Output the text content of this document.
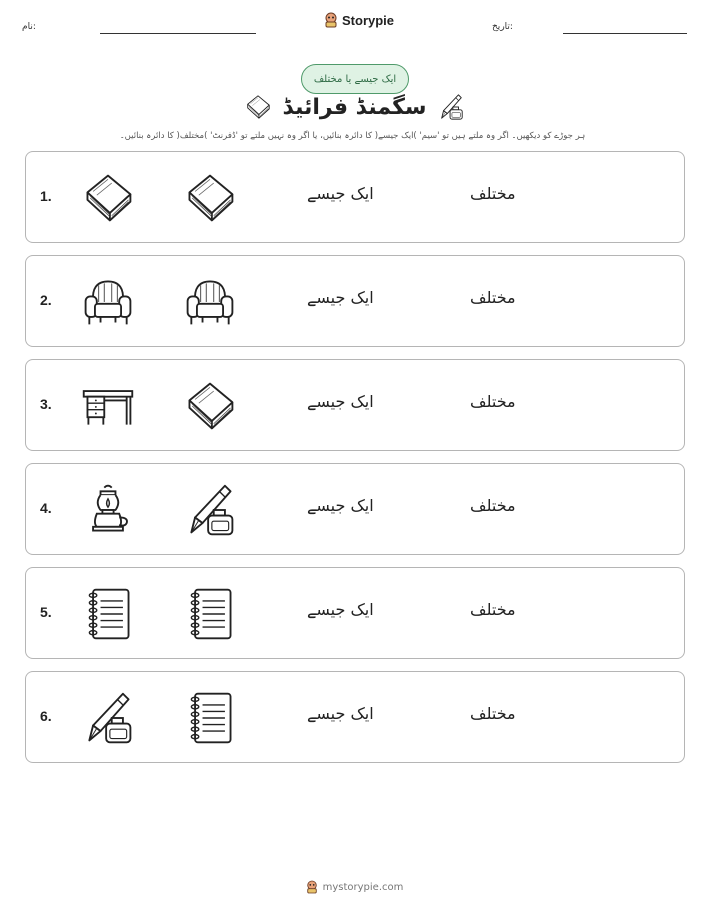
نام:	Storypie	تاریخ:
ایک جیسے یا مختلف
سگمنڈ فرائیڈ
ہر جوڑے کو دیکھیں۔ اگر وہ ملتے ہیں تو 'سیم' )ایک جیسے( کا دائرہ بنائیں، یا اگر وہ نہیں ملتے تو 'ڈفرنٹ' )مختلف( کا دائرہ بنائیں۔
1.	ایک جیسے	مختلف
2.	ایک جیسے	مختلف
3.	ایک جیسے	مختلف
4.	ایک جیسے	مختلف
5.	ایک جیسے	مختلف
6.	ایک جیسے	مختلف
mystorypie.com
